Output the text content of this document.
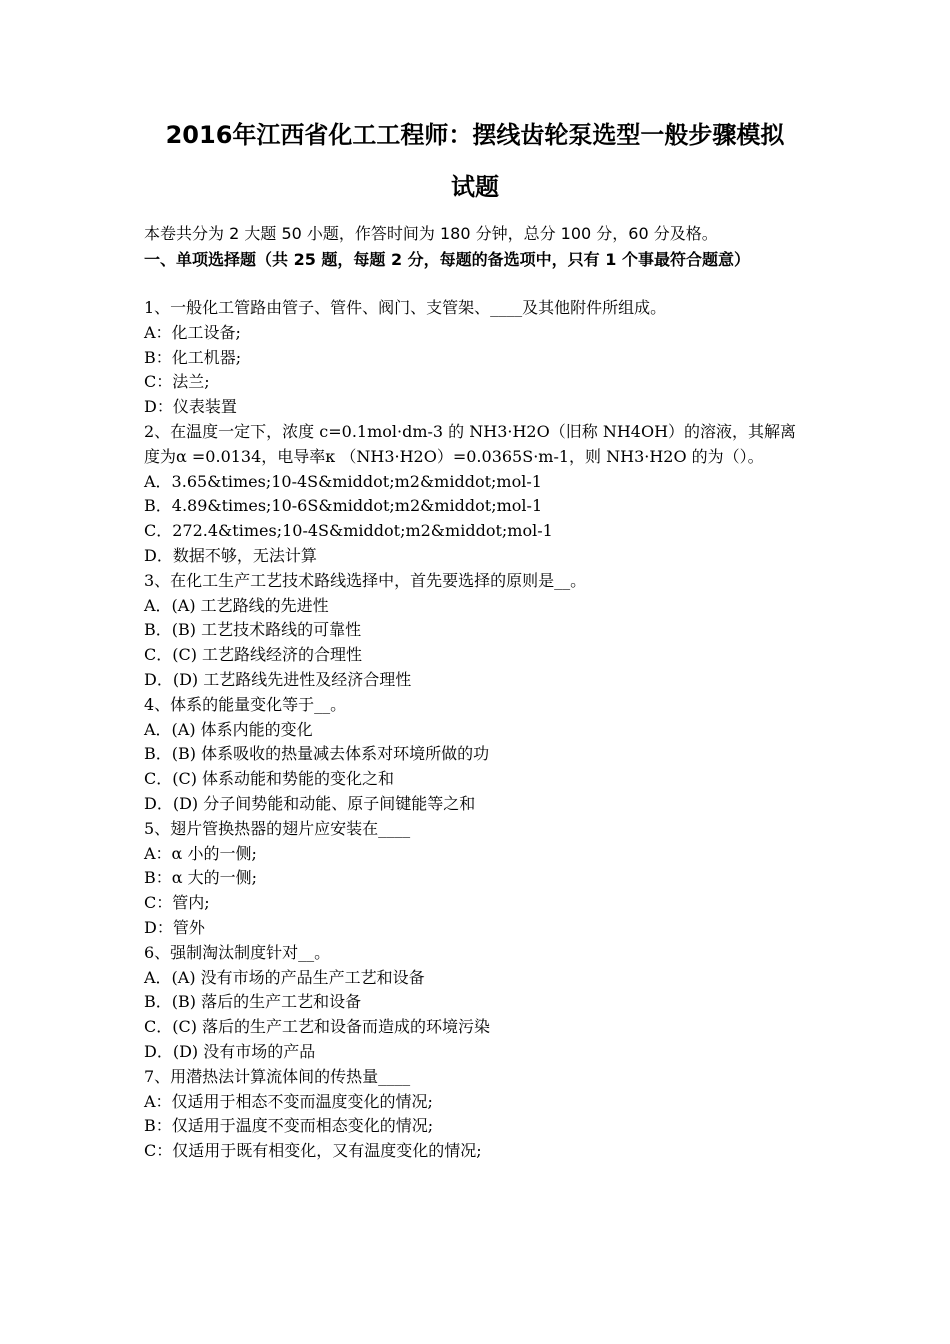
2016年江西省化工工程师：摆线齿轮泵选型一般步骤模拟
试题
本卷共分为 2 大题 50 小题，作答时间为 180 分钟，总分 100 分，60 分及格。
一、单项选择题（共 25 题，每题 2 分，每题的备选项中，只有 1 个事最符合题意）
1、一般化工管路由管子、管件、阀门、支管架、____及其他附件所组成。
A：化工设备;
B：化工机器;
C：法兰;
D：仪表装置
2、在温度一定下，浓度 c=0.1mol·dm-3 的 NH3·H2O（旧称 NH4OH）的溶液，其解离度为α =0.0134，电导率κ （NH3·H2O）=0.0365S·m-1，则 NH3·H2O 的为（）。
A．3.65&times;10-4S&middot;m2&middot;mol-1
B．4.89&times;10-6S&middot;m2&middot;mol-1
C．272.4&times;10-4S&middot;m2&middot;mol-1
D．数据不够，无法计算
3、在化工生产工艺技术路线选择中，首先要选择的原则是__。
A．(A) 工艺路线的先进性
B．(B) 工艺技术路线的可靠性
C．(C) 工艺路线经济的合理性
D．(D) 工艺路线先进性及经济合理性
4、体系的能量变化等于__。
A．(A) 体系内能的变化
B．(B) 体系吸收的热量减去体系对环境所做的功
C．(C) 体系动能和势能的变化之和
D．(D) 分子间势能和动能、原子间键能等之和
5、翅片管换热器的翅片应安装在____
A：α 小的一侧;
B：α 大的一侧;
C：管内;
D：管外
6、强制淘汰制度针对__。
A．(A) 没有市场的产品生产工艺和设备
B．(B) 落后的生产工艺和设备
C．(C) 落后的生产工艺和设备而造成的环境污染
D．(D) 没有市场的产品
7、用潜热法计算流体间的传热量____
A：仅适用于相态不变而温度变化的情况;
B：仅适用于温度不变而相态变化的情况;
C：仅适用于既有相变化，又有温度变化的情况;
